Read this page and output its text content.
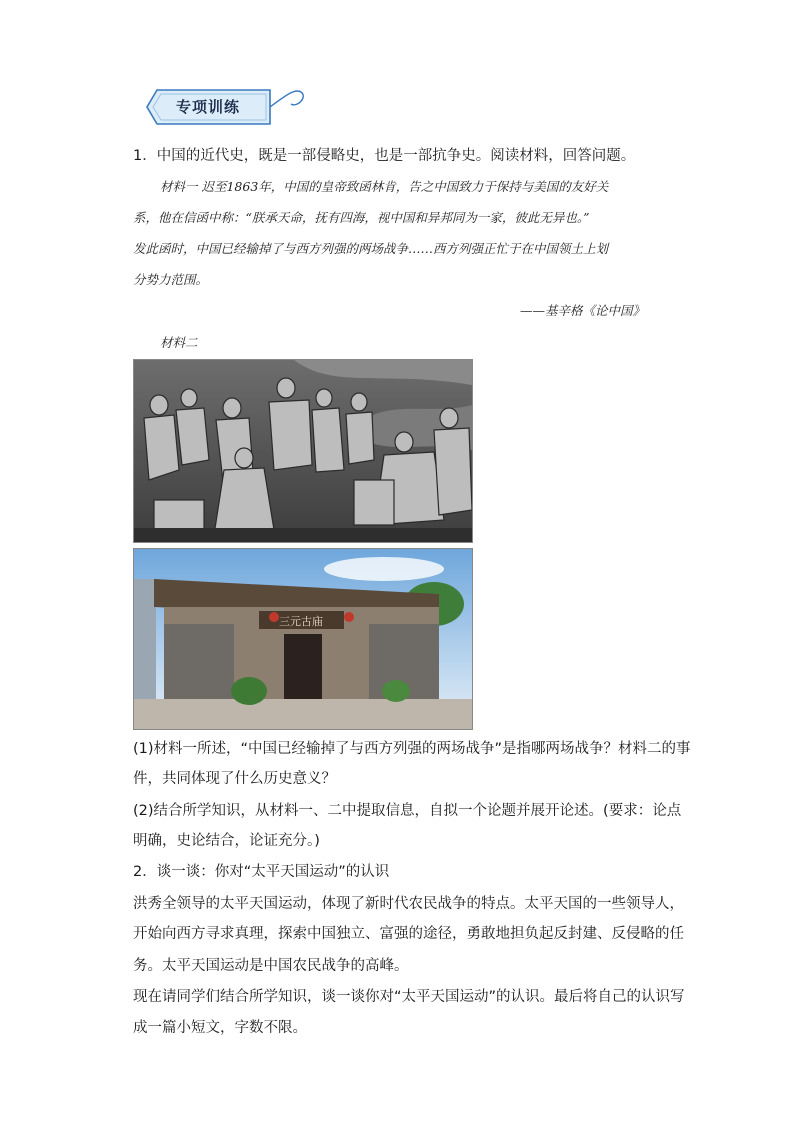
专项训练
1．中国的近代史，既是一部侵略史，也是一部抗争史。阅读材料，回答问题。
材料一 迟至1863年，中国的皇帝致函林肯，告之中国致力于保持与美国的友好关
系，他在信函中称：“朕承天命，抚有四海，视中国和异邦同为一家，彼此无异也。”
发此函时，中国已经输掉了与西方列强的两场战争……西方列强正忙于在中国领土上划
分势力范围。
——基辛格《论中国》
材料二
三元古庙
(1)材料一所述，“中国已经输掉了与西方列强的两场战争”是指哪两场战争？材料二的事
件，共同体现了什么历史意义？
(2)结合所学知识，从材料一、二中提取信息，自拟一个论题并展开论述。(要求：论点
明确，史论结合，论证充分。)
2．谈一谈：你对“太平天国运动”的认识
洪秀全领导的太平天国运动，体现了新时代农民战争的特点。太平天国的一些领导人，
开始向西方寻求真理，探索中国独立、富强的途径，勇敢地担负起反封建、反侵略的任
务。太平天国运动是中国农民战争的高峰。
现在请同学们结合所学知识，谈一谈你对“太平天国运动”的认识。最后将自己的认识写
成一篇小短文，字数不限。
